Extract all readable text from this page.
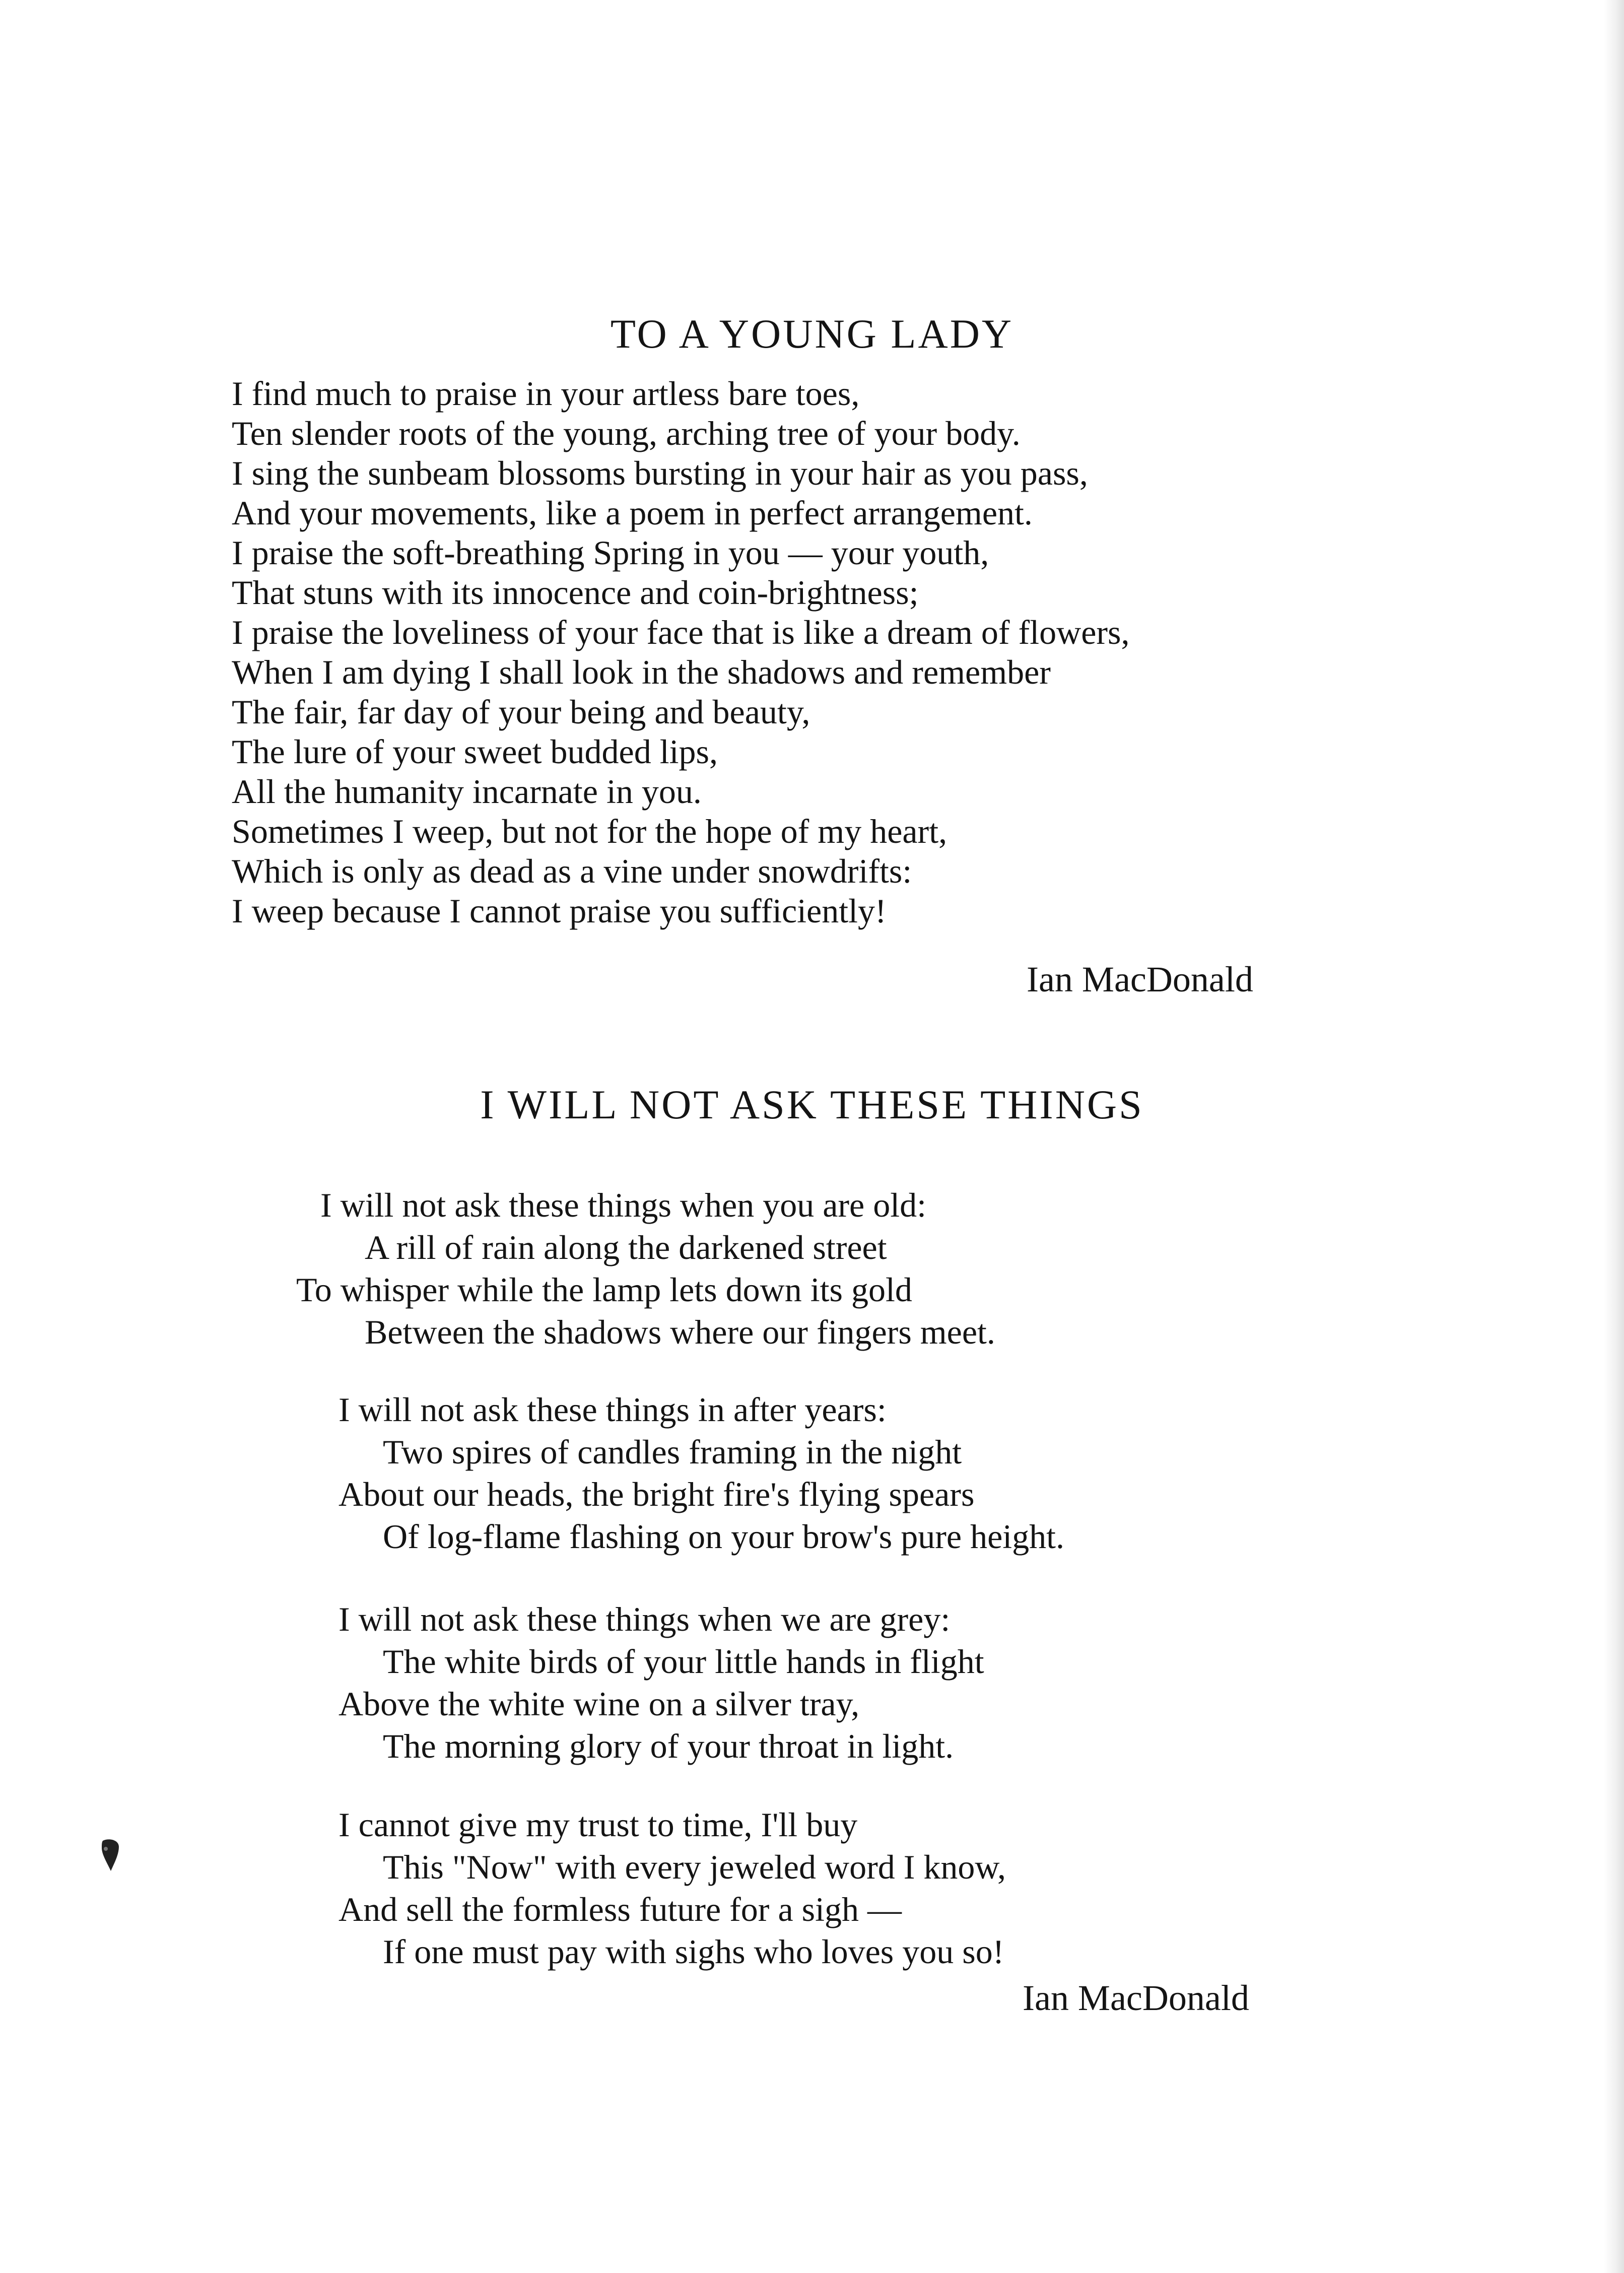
TO A YOUNG LADY
I find much to praise in your artless bare toes,
Ten slender roots of the young, arching tree of your body.
I sing the sunbeam blossoms bursting in your hair as you pass,
And your movements, like a poem in perfect arrangement.
I praise the soft-breathing Spring in you — your youth,
That stuns with its innocence and coin-brightness;
I praise the loveliness of your face that is like a dream of flowers,
When I am dying I shall look in the shadows and remember
The fair, far day of your being and beauty,
The lure of your sweet budded lips,
All the humanity incarnate in you.
Sometimes I weep, but not for the hope of my heart,
Which is only as dead as a vine under snowdrifts:
I weep because I cannot praise you sufficiently!
Ian MacDonald
I WILL NOT ASK THESE THINGS
I will not ask these things when you are old:
A rill of rain along the darkened street
To whisper while the lamp lets down its gold
Between the shadows where our fingers meet.
I will not ask these things in after years:
Two spires of candles framing in the night
About our heads, the bright fire's flying spears
Of log-flame flashing on your brow's pure height.
I will not ask these things when we are grey:
The white birds of your little hands in flight
Above the white wine on a silver tray,
The morning glory of your throat in light.
I cannot give my trust to time, I'll buy
This "Now" with every jeweled word I know,
And sell the formless future for a sigh —
If one must pay with sighs who loves you so!
Ian MacDonald
